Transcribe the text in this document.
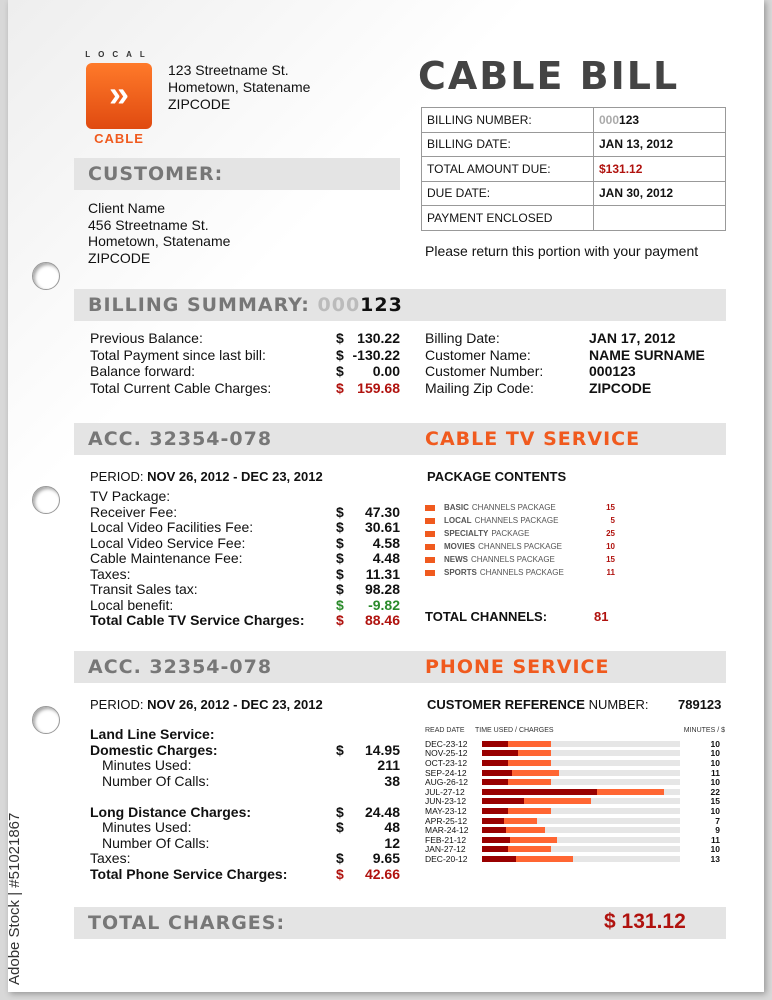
LOCAL
»
CABLE
123 Streetname St.
Hometown, Statename
ZIPCODE
CABLE BILL
BILLING NUMBER:	000123
BILLING DATE:	JAN 13, 2012
TOTAL AMOUNT DUE:	$131.12
DUE DATE:	JAN 30, 2012
PAYMENT ENCLOSED	
Please return this portion with your payment
CUSTOMER:
Client Name
456 Streetname St.
Hometown, Statename
ZIPCODE
BILLING SUMMARY: 000123
Previous Balance:	$ 130.22
Total Payment since last bill:	$ -130.22
Balance forward:	$	0.00
Total Current Cable Charges:	$ 159.68
Billing Date:	JAN 17, 2012
Customer Name:	NAME SURNAME
Customer Number:	000123
Mailing Zip Code:	ZIPCODE
ACC. 32354-078	CABLE TV SERVICE
PERIOD: NOV 26, 2012 - DEC 23, 2012
TV Package:
Receiver Fee:	$	47.30
Local Video Facilities Fee:	$	30.61
Local Video Service Fee:	$	4.58
Cable Maintenance Fee:	$	4.48
Taxes:	$	11.31
Transit Sales tax:	$	98.28
Local benefit:	$	-9.82
Total Cable TV Service Charges:	$	88.46
PACKAGE CONTENTS
BASIC CHANNELS PACKAGE	15
LOCAL CHANNELS PACKAGE	5
SPECIALTY PACKAGE	25
MOVIES CHANNELS PACKAGE	10
NEWS CHANNELS PACKAGE	15
SPORTS CHANNELS PACKAGE	11
TOTAL CHANNELS:	81
ACC. 32354-078	PHONE SERVICE
PERIOD: NOV 26, 2012 - DEC 23, 2012
Land Line Service:
Domestic Charges:	$	14.95
Minutes Used:	211
Number Of Calls:	38
Long Distance Charges:	$	24.48
Minutes Used:	$	48
Number Of Calls:	12
Taxes:	$	9.65
Total Phone Service Charges:	$	42.66
CUSTOMER REFERENCE NUMBER: 789123
READ DATE	TIME USED / CHARGES	MINUTES / $
DEC-23-12	10
NOV-25-12	10
OCT-23-12	10
SEP-24-12	11
AUG-26-12	10
JUL-27-12	22
JUN-23-12	15
MAY-23-12	10
APR-25-12	7
MAR-24-12	9
FEB-21-12	11
JAN-27-12	10
DEC-20-12	13
TOTAL CHARGES:	$ 131.12
Adobe Stock | #51021867
